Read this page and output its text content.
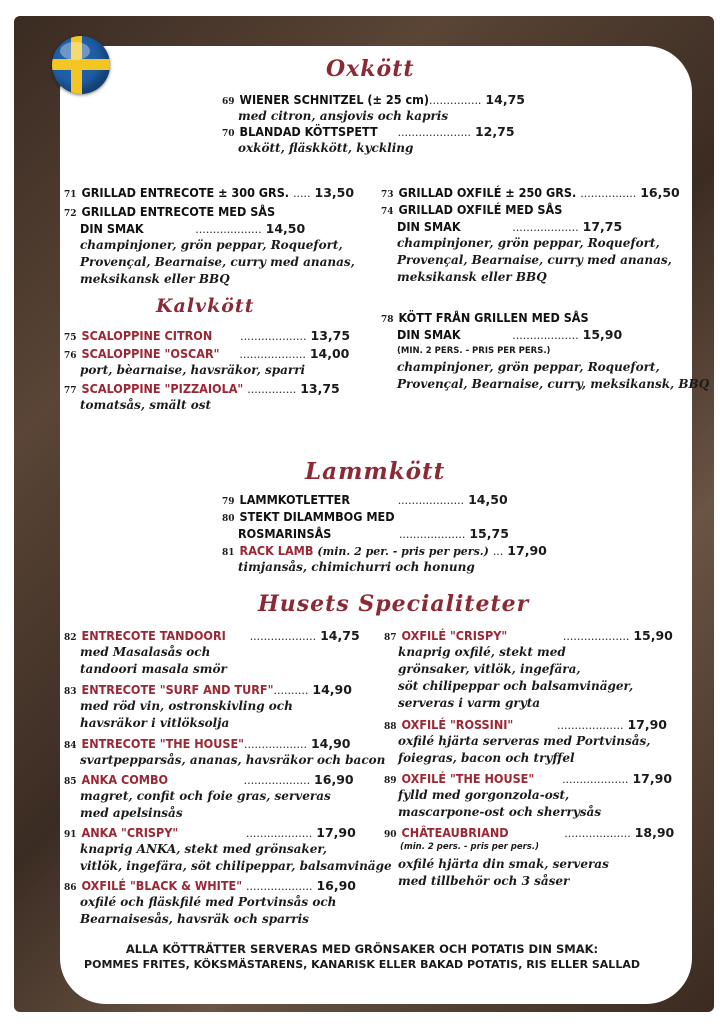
Oxkött
Kalvkött
Lammkött
Husets Specialiteter
69 WIENER SCHNITZEL (± 25 cm)............... 14,75
med citron, ansjovis och kapris
70 BLANDAD KÖTTSPETT ..................... 12,75
oxkött, fläskkött, kyckling
71 GRILLAD ENTRECOTE ± 300 GRS. ..... 13,50
72 GRILLAD ENTRECOTE MED SÅS
DIN SMAK	................... 14,50
champinjoner, grön peppar, Roquefort,
Provençal, Bearnaise, curry med ananas,
meksikansk eller BBQ
73 GRILLAD OXFILÉ ± 250 GRS. ................ 16,50
74 GRILLAD OXFILÉ MED SÅS
DIN SMAK	................... 17,75
champinjoner, grön peppar, Roquefort,
Provençal, Bearnaise, curry med ananas,
meksikansk eller BBQ
78 KÖTT FRÅN GRILLEN MED SÅS
DIN SMAK	................... 15,90
(MIN. 2 PERS. - PRIS PER PERS.)
champinjoner, grön peppar, Roquefort,
Provençal, Bearnaise, curry, meksikansk, BBQ
75 SCALOPPINE CITRON	................... 13,75
76 SCALOPPINE "OSCAR" ................... 14,00
port, bèarnaise, havsräkor, sparri
77 SCALOPPINE "PIZZAIOLA" .............. 13,75
tomatsås, smält ost
79 LAMMKOTLETTER	................... 14,50
80 STEKT DILAMMBOG MED
ROSMARINSÅS	................... 15,75
81 RACK LAMB (min. 2 per. - pris per pers.) ... 17,90
timjansås, chimichurri och honung
82 ENTRECOTE TANDOORI ................... 14,75
med Masalasås och
tandoori masala smör
83 ENTRECOTE "SURF AND TURF".......... 14,90
med röd vin, ostronskivling och
havsräkor i vitlöksolja
84 ENTRECOTE "THE HOUSE".................. 14,90
svartpepparsås, ananas, havsräkor och bacon
85 ANKA COMBO	................... 16,90
magret, confit och foie gras, serveras
med apelsinsås
91 ANKA "CRISPY"	................... 17,90
knaprig ANKA, stekt med grönsaker,
vitlök, ingefära, söt chilipeppar, balsamvinäge
86 OXFILÉ "BLACK & WHITE" ................... 16,90
oxfilé och fläskfilé med Portvinsås och
Bearnaisesås, havsräk och sparris
87 OXFILÉ "CRISPY"	................... 15,90
knaprig oxfilé, stekt med
grönsaker, vitlök, ingefära,
söt chilipeppar och balsamvinäger,
serveras i varm gryta
88 OXFILÉ "ROSSINI"	................... 17,90
oxfilé hjärta serveras med Portvinsås,
foiegras, bacon och tryffel
89 OXFILÉ "THE HOUSE"	................... 17,90
fylld med gorgonzola-ost,
mascarpone-ost och sherrysås
90 CHÂTEAUBRIAND	................... 18,90
(min. 2 pers. - pris per pers.)
oxfilé hjärta din smak, serveras
med tillbehör och 3 såser
ALLA KÖTTRÄTTER SERVERAS MED GRÖNSAKER OCH POTATIS DIN SMAK:
POMMES FRITES, KÖKSMÄSTARENS, KANARISK ELLER BAKAD POTATIS, RIS ELLER SALLAD
